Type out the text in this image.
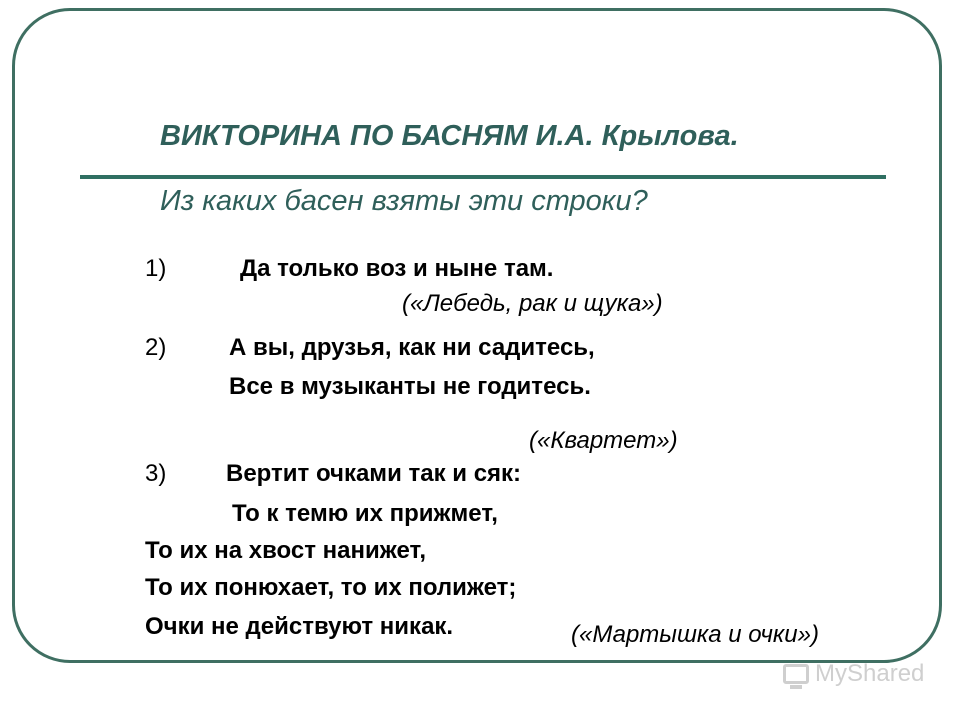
ВИКТОРИНА ПО БАСНЯМ И.А. Крылова.
Из каких басен взяты эти строки?
1)	Да только воз и ныне там.
(«Лебедь, рак и щука»)
2)	А вы, друзья, как ни садитесь,
Все в музыканты не годитесь.
(«Квартет»)
3) Вертит очками так и сяк:
То к темю их прижмет,
То их на хвост нанижет,
То их понюхает, то их полижет;
Очки не действуют никак.	(«Мартышка и очки»)
MyShared
